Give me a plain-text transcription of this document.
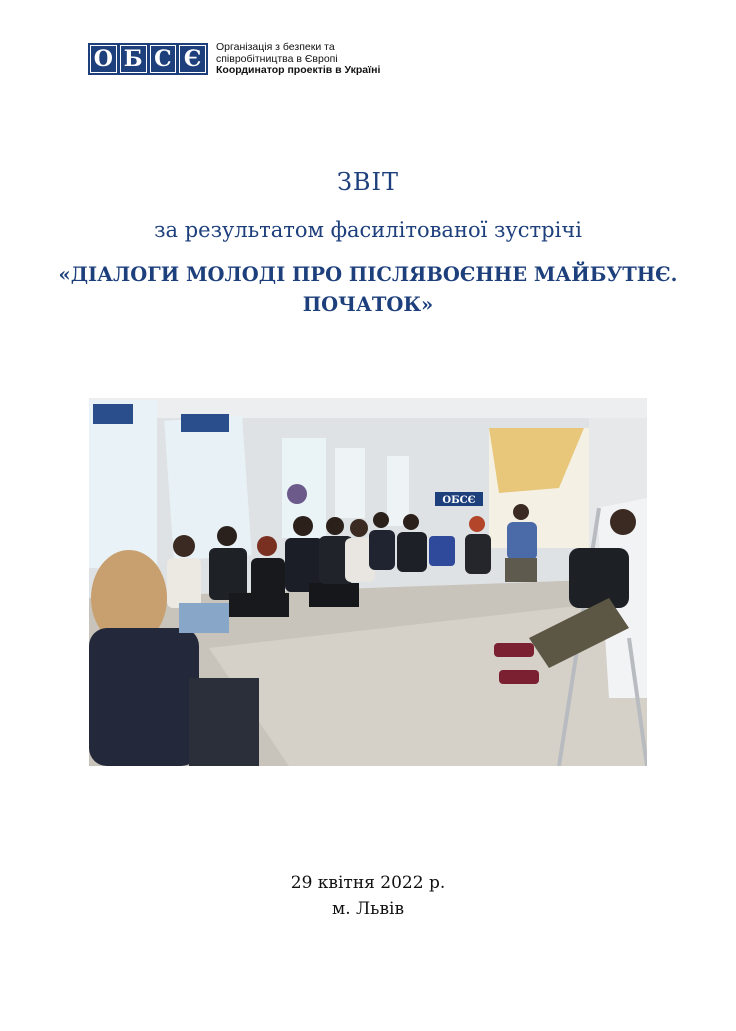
О Б С Є	Організація з безпеки та
співробітництва в Європі
Координатор проектів в Україні
ЗВІТ
за результатом фасилітованої зустрічі
«ДІАЛОГИ МОЛОДІ ПРО ПІСЛЯВОЄННЕ МАЙБУТНЄ.
ПОЧАТОК»
ОБСЄ
29 квітня 2022 р.
м. Львів
